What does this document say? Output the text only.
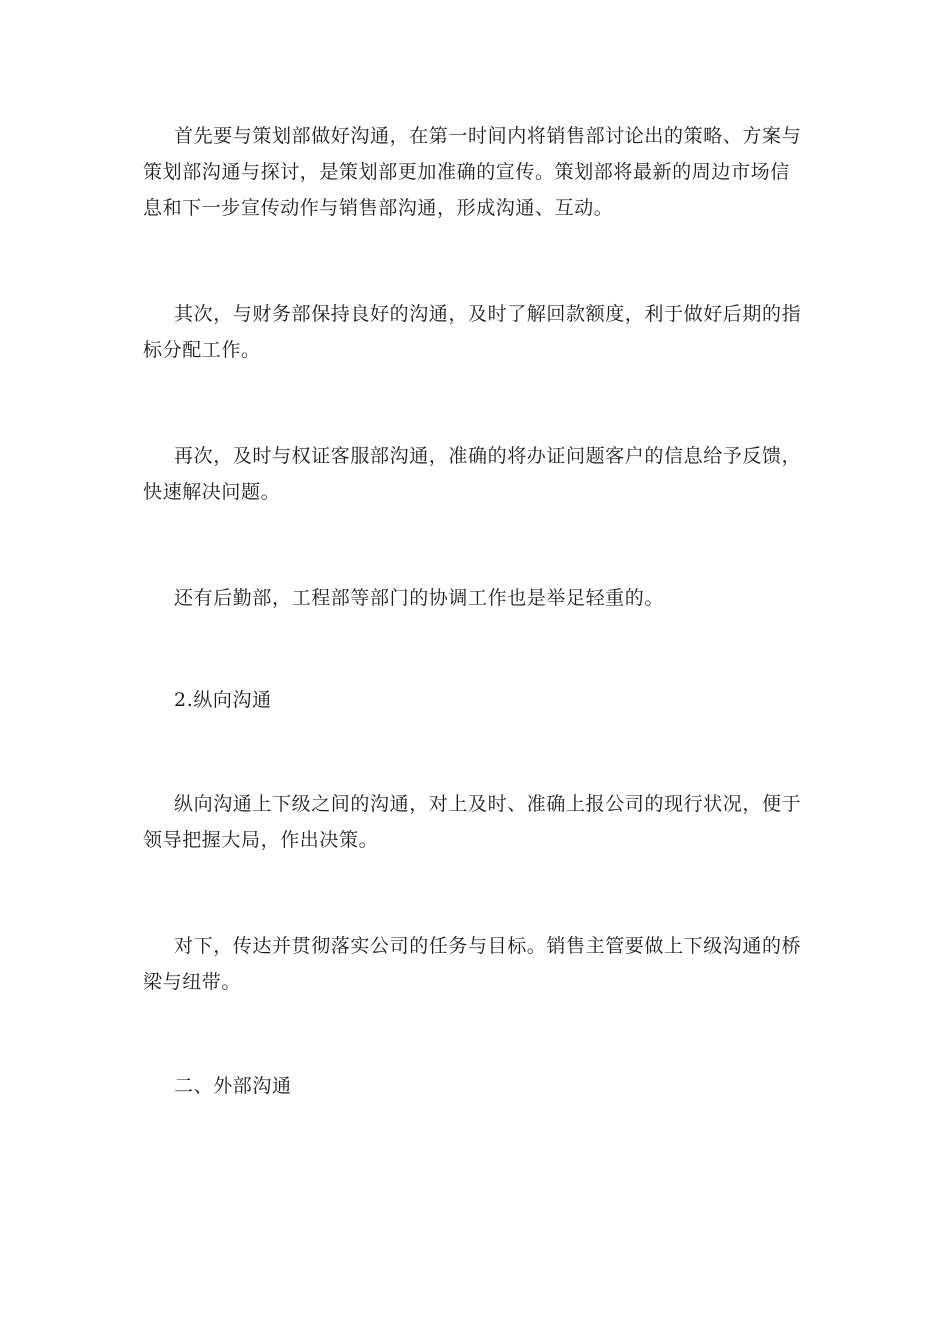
首先要与策划部做好沟通，在第一时间内将销售部讨论出的策略、方案与策划部沟通与探讨，是策划部更加准确的宣传。策划部将最新的周边市场信息和下一步宣传动作与销售部沟通，形成沟通、互动。

其次，与财务部保持良好的沟通，及时了解回款额度，利于做好后期的指标分配工作。

再次，及时与权证客服部沟通，准确的将办证问题客户的信息给予反馈，快速解决问题。

还有后勤部，工程部等部门的协调工作也是举足轻重的。

2.纵向沟通

纵向沟通上下级之间的沟通，对上及时、准确上报公司的现行状况，便于领导把握大局，作出决策。

对下，传达并贯彻落实公司的任务与目标。销售主管要做上下级沟通的桥梁与纽带。

二、外部沟通
